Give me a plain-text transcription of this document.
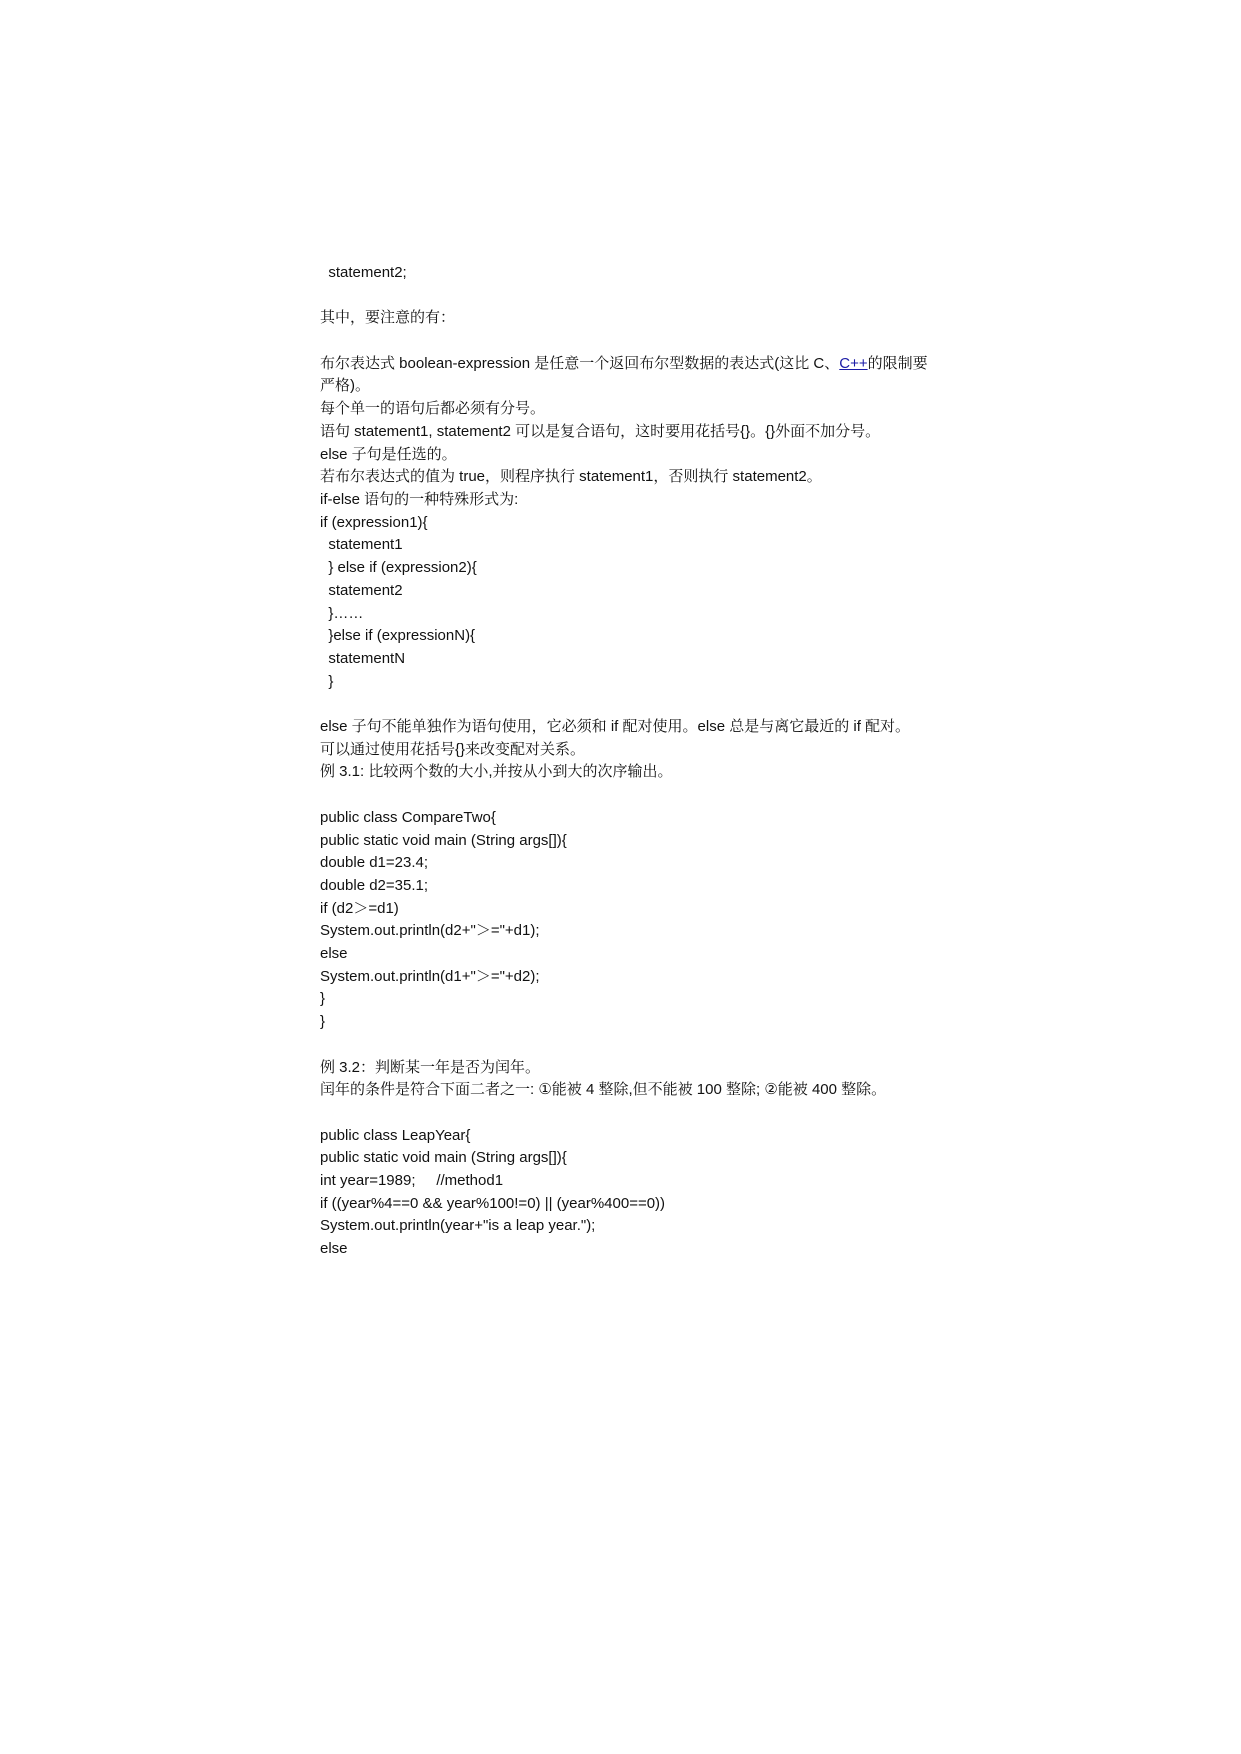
statement2;
其中，要注意的有：
布尔表达式 boolean-expression 是任意一个返回布尔型数据的表达式(这比 C、C++的限制要严格)。
每个单一的语句后都必须有分号。
语句 statement1, statement2 可以是复合语句，这时要用花括号{}。{}外面不加分号。
else 子句是任选的。
若布尔表达式的值为 true，则程序执行 statement1，否则执行 statement2。
if-else 语句的一种特殊形式为:
if (expression1){
statement1
} else if (expression2){
statement2
}……
}else if (expressionN){
statementN
}
else 子句不能单独作为语句使用，它必须和 if 配对使用。else 总是与离它最近的 if 配对。
可以通过使用花括号{}来改变配对关系。
例 3.1: 比较两个数的大小,并按从小到大的次序输出。
public class CompareTwo{
public static void main (String args[]){
double d1=23.4;
double d2=35.1;
if (d2＞=d1)
System.out.println(d2+"＞="+d1);
else
System.out.println(d1+"＞="+d2);
}
}
例 3.2：判断某一年是否为闰年。
闰年的条件是符合下面二者之一: ①能被 4 整除,但不能被 100 整除; ②能被 400 整除。
public class LeapYear{
public static void main (String args[]){
int year=1989;     //method1
if ((year%4==0 && year%100!=0) || (year%400==0))
System.out.println(year+"is a leap year.");
else
